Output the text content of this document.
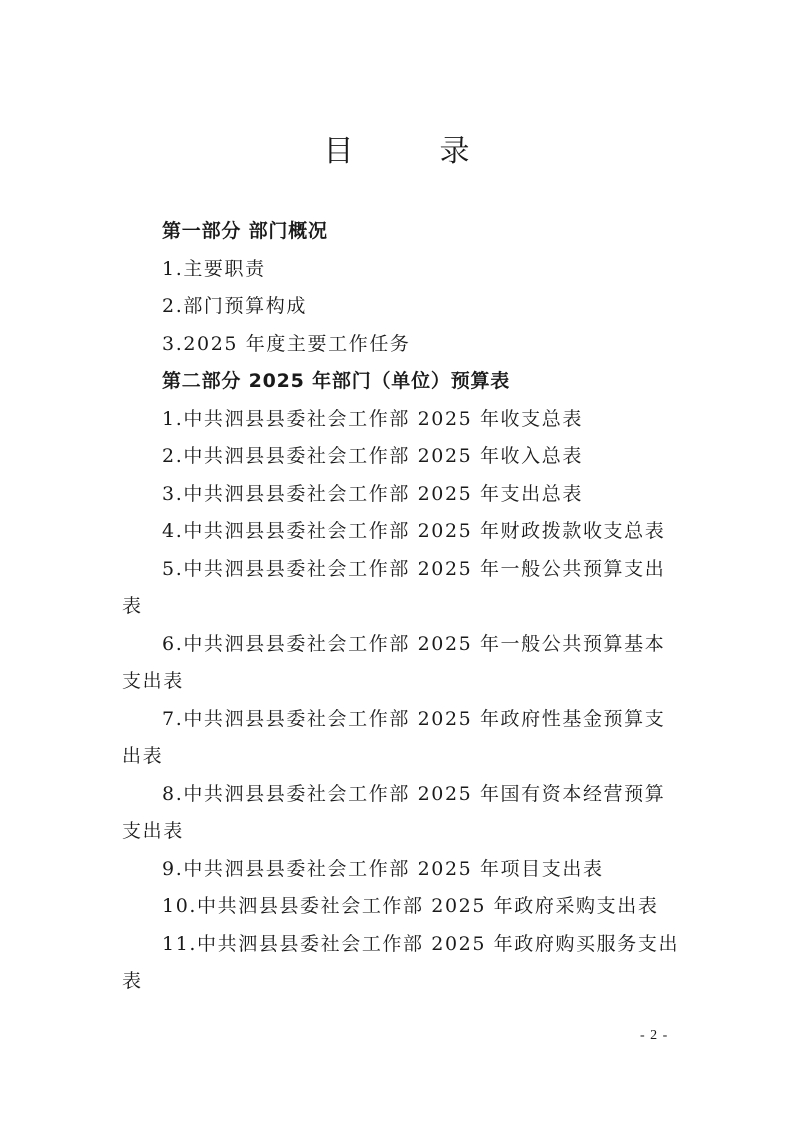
目　录
第一部分 部门概况
1.主要职责
2.部门预算构成
3.2025 年度主要工作任务
第二部分 2025 年部门（单位）预算表
1.中共泗县县委社会工作部 2025 年收支总表
2.中共泗县县委社会工作部 2025 年收入总表
3.中共泗县县委社会工作部 2025 年支出总表
4.中共泗县县委社会工作部 2025 年财政拨款收支总表
5.中共泗县县委社会工作部 2025 年一般公共预算支出
表
6.中共泗县县委社会工作部 2025 年一般公共预算基本
支出表
7.中共泗县县委社会工作部 2025 年政府性基金预算支
出表
8.中共泗县县委社会工作部 2025 年国有资本经营预算
支出表
9.中共泗县县委社会工作部 2025 年项目支出表
10.中共泗县县委社会工作部 2025 年政府采购支出表
11.中共泗县县委社会工作部 2025 年政府购买服务支出
表
- 2 -
